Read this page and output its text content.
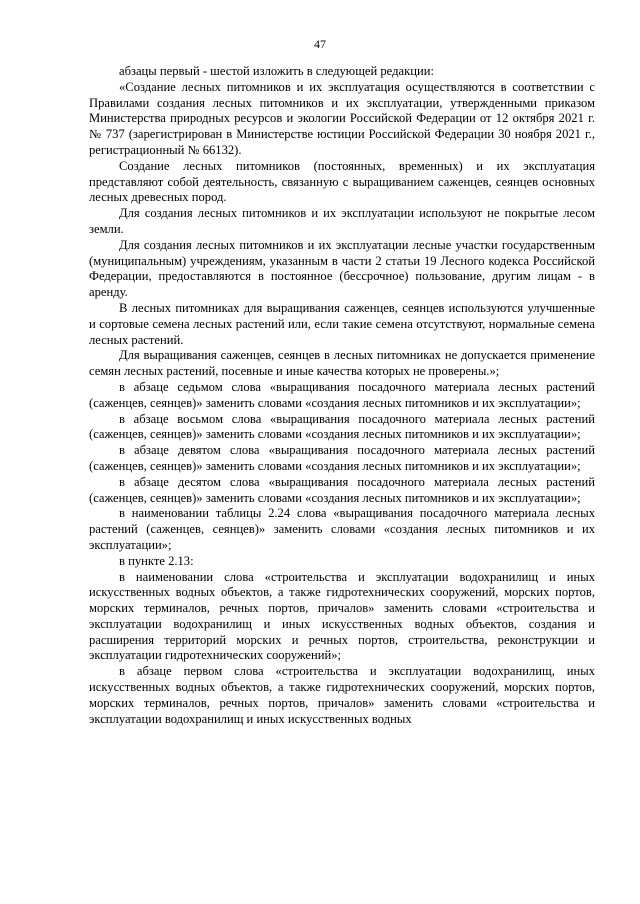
47

абзацы первый - шестой изложить в следующей редакции:

«Создание лесных питомников и их эксплуатация осуществляются в соответствии с Правилами создания лесных питомников и их эксплуатации, утвержденными приказом Министерства природных ресурсов и экологии Российской Федерации от 12 октября 2021 г. № 737 (зарегистрирован в Министерстве юстиции Российской Федерации 30 ноября 2021 г., регистрационный № 66132).

Создание лесных питомников (постоянных, временных) и их эксплуатация представляют собой деятельность, связанную с выращиванием саженцев, сеянцев основных лесных древесных пород.

Для создания лесных питомников и их эксплуатации используют не покрытые лесом земли.

Для создания лесных питомников и их эксплуатации лесные участки государственным (муниципальным) учреждениям, указанным в части 2 статьи 19 Лесного кодекса Российской Федерации, предоставляются в постоянное (бессрочное) пользование, другим лицам - в аренду.

В лесных питомниках для выращивания саженцев, сеянцев используются улучшенные и сортовые семена лесных растений или, если такие семена отсутствуют, нормальные семена лесных растений.

Для выращивания саженцев, сеянцев в лесных питомниках не допускается применение семян лесных растений, посевные и иные качества которых не проверены.»;

в абзаце седьмом слова «выращивания посадочного материала лесных растений (саженцев, сеянцев)» заменить словами «создания лесных питомников и их эксплуатации»;

в абзаце восьмом слова «выращивания посадочного материала лесных растений (саженцев, сеянцев)» заменить словами «создания лесных питомников и их эксплуатации»;

в абзаце девятом слова «выращивания посадочного материала лесных растений (саженцев, сеянцев)» заменить словами «создания лесных питомников и их эксплуатации»;

в абзаце десятом слова «выращивания посадочного материала лесных растений (саженцев, сеянцев)» заменить словами «создания лесных питомников и их эксплуатации»;

в наименовании таблицы 2.24 слова «выращивания посадочного материала лесных растений (саженцев, сеянцев)» заменить словами «создания лесных питомников и их эксплуатации»;

в пункте 2.13:

в наименовании слова «строительства и эксплуатации водохранилищ и иных искусственных водных объектов, а также гидротехнических сооружений, морских портов, морских терминалов, речных портов, причалов» заменить словами «строительства и эксплуатации водохранилищ и иных искусственных водных объектов, создания и расширения территорий морских и речных портов, строительства, реконструкции и эксплуатации гидротехнических сооружений»;

в абзаце первом слова «строительства и эксплуатации водохранилищ, иных искусственных водных объектов, а также гидротехнических сооружений, морских портов, морских терминалов, речных портов, причалов» заменить словами «строительства и эксплуатации водохранилищ и иных искусственных водных
